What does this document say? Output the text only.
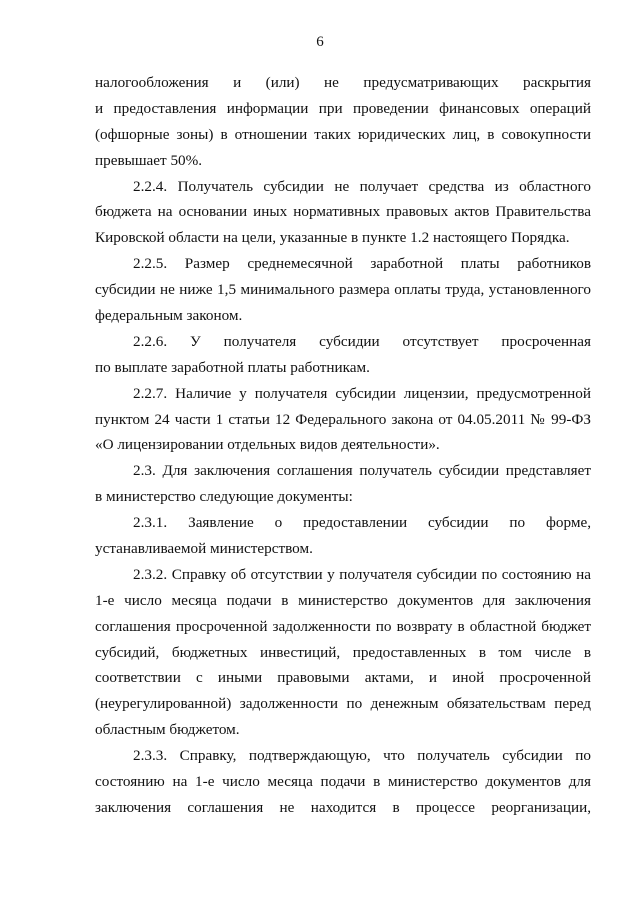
6
налогообложения и (или) не предусматривающих раскрытия
и предоставления информации при проведении финансовых операций
(офшорные зоны) в отношении таких юридических лиц, в совокупности
превышает 50%.
2.2.4. Получатель субсидии не получает средства из областного
бюджета на основании иных нормативных правовых актов Правительства
Кировской области на цели, указанные в пункте 1.2 настоящего Порядка.
2.2.5. Размер среднемесячной заработной платы работников
субсидии не ниже 1,5 минимального размера оплаты труда, установленного
федеральным законом.
2.2.6. У получателя субсидии отсутствует просроченная
по выплате заработной платы работникам.
2.2.7. Наличие у получателя субсидии лицензии, предусмотренной
пунктом 24 части 1 статьи 12 Федерального закона от 04.05.2011 № 99-ФЗ
«О лицензировании отдельных видов деятельности».
2.3. Для заключения соглашения получатель субсидии представляет
в министерство следующие документы:
2.3.1. Заявление о предоставлении субсидии по форме,
устанавливаемой министерством.
2.3.2. Справку об отсутствии у получателя субсидии по состоянию на
1-е число месяца подачи в министерство документов для заключения
соглашения просроченной задолженности по возврату в областной бюджет
субсидий, бюджетных инвестиций, предоставленных в том числе в
соответствии с иными правовыми актами, и иной просроченной
(неурегулированной) задолженности по денежным обязательствам перед
областным бюджетом.
2.3.3. Справку, подтверждающую, что получатель субсидии по
состоянию на 1-е число месяца подачи в министерство документов для
заключения соглашения не находится в процессе реорганизации,
